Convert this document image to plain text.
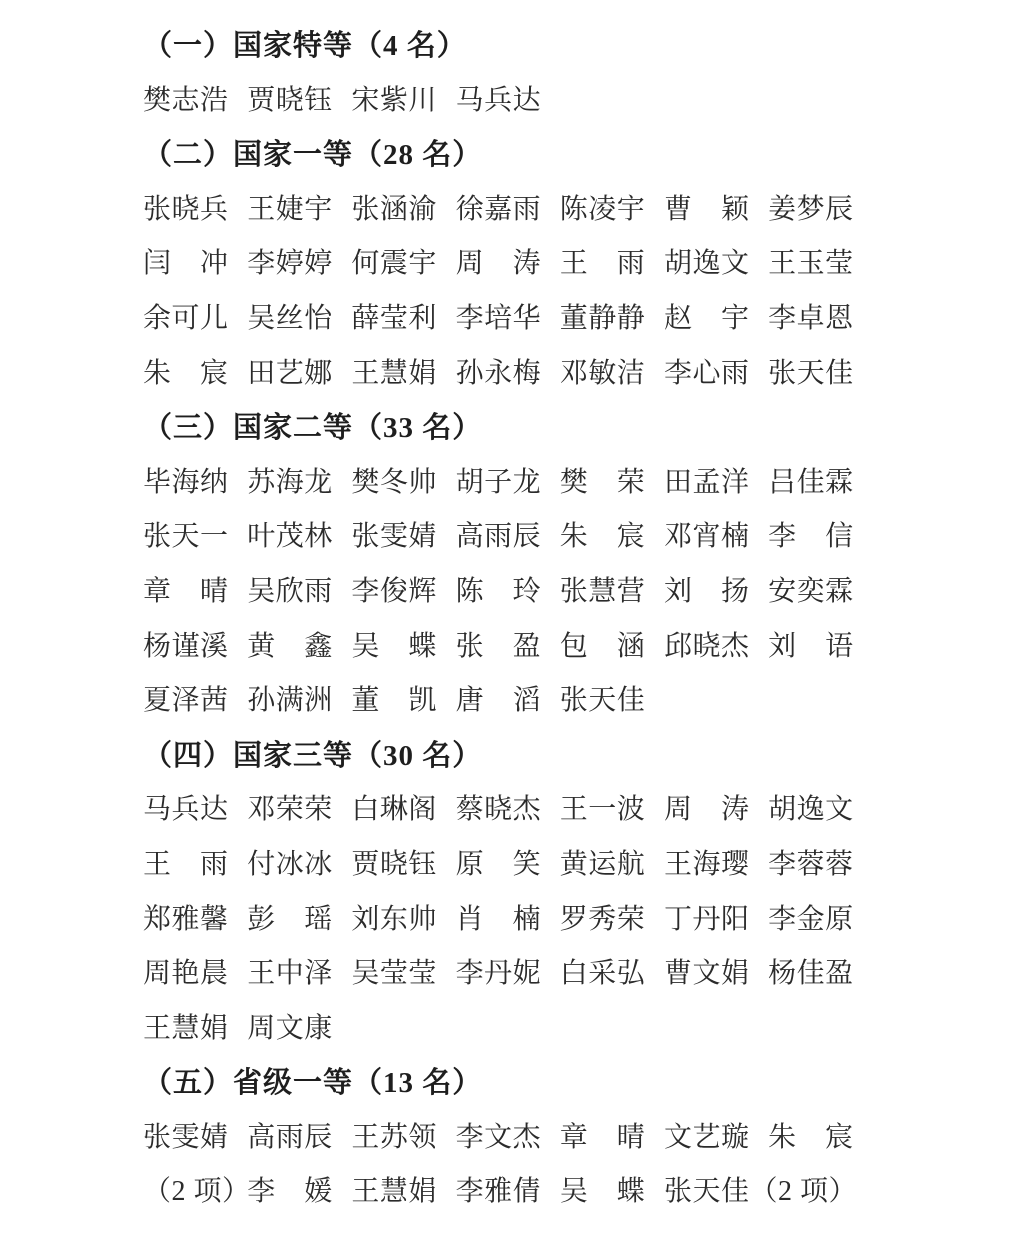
（一）国家特等（4 名）
樊志浩 贾晓钰 宋紫川 马兵达
（二）国家一等（28 名）
张晓兵 王婕宇 张涵渝 徐嘉雨 陈凌宇 曹　颖 姜梦辰
闫　冲 李婷婷 何震宇 周　涛 王　雨 胡逸文 王玉莹
余可儿 吴丝怡 薛莹利 李培华 董静静 赵　宇 李卓恩
朱　宸 田艺娜 王慧娟 孙永梅 邓敏洁 李心雨 张天佳
（三）国家二等（33 名）
毕海纳 苏海龙 樊冬帅 胡子龙 樊　荣 田孟洋 吕佳霖
张天一 叶茂林 张雯婧 高雨辰 朱　宸 邓宵楠 李　信
章　晴 吴欣雨 李俊辉 陈　玲 张慧营 刘　扬 安奕霖
杨谨溪 黄　鑫 吴　蝶 张　盈 包　涵 邱晓杰 刘　语
夏泽茜 孙满洲 董　凯 唐　滔 张天佳
（四）国家三等（30 名）
马兵达 邓荣荣 白琳阁 蔡晓杰 王一波 周　涛 胡逸文
王　雨 付冰冰 贾晓钰 原　笑 黄运航 王海璎 李蓉蓉
郑雅馨 彭　瑶 刘东帅 肖　楠 罗秀荣 丁丹阳 李金原
周艳晨 王中泽 吴莹莹 李丹妮 白采弘 曹文娟 杨佳盈
王慧娟 周文康
（五）省级一等（13 名）
张雯婧 高雨辰 王苏领 李文杰 章　晴 文艺璇 朱　宸
（2 项）
李　媛 王慧娟 李雅倩 吴　蝶 张天佳（2 项）
